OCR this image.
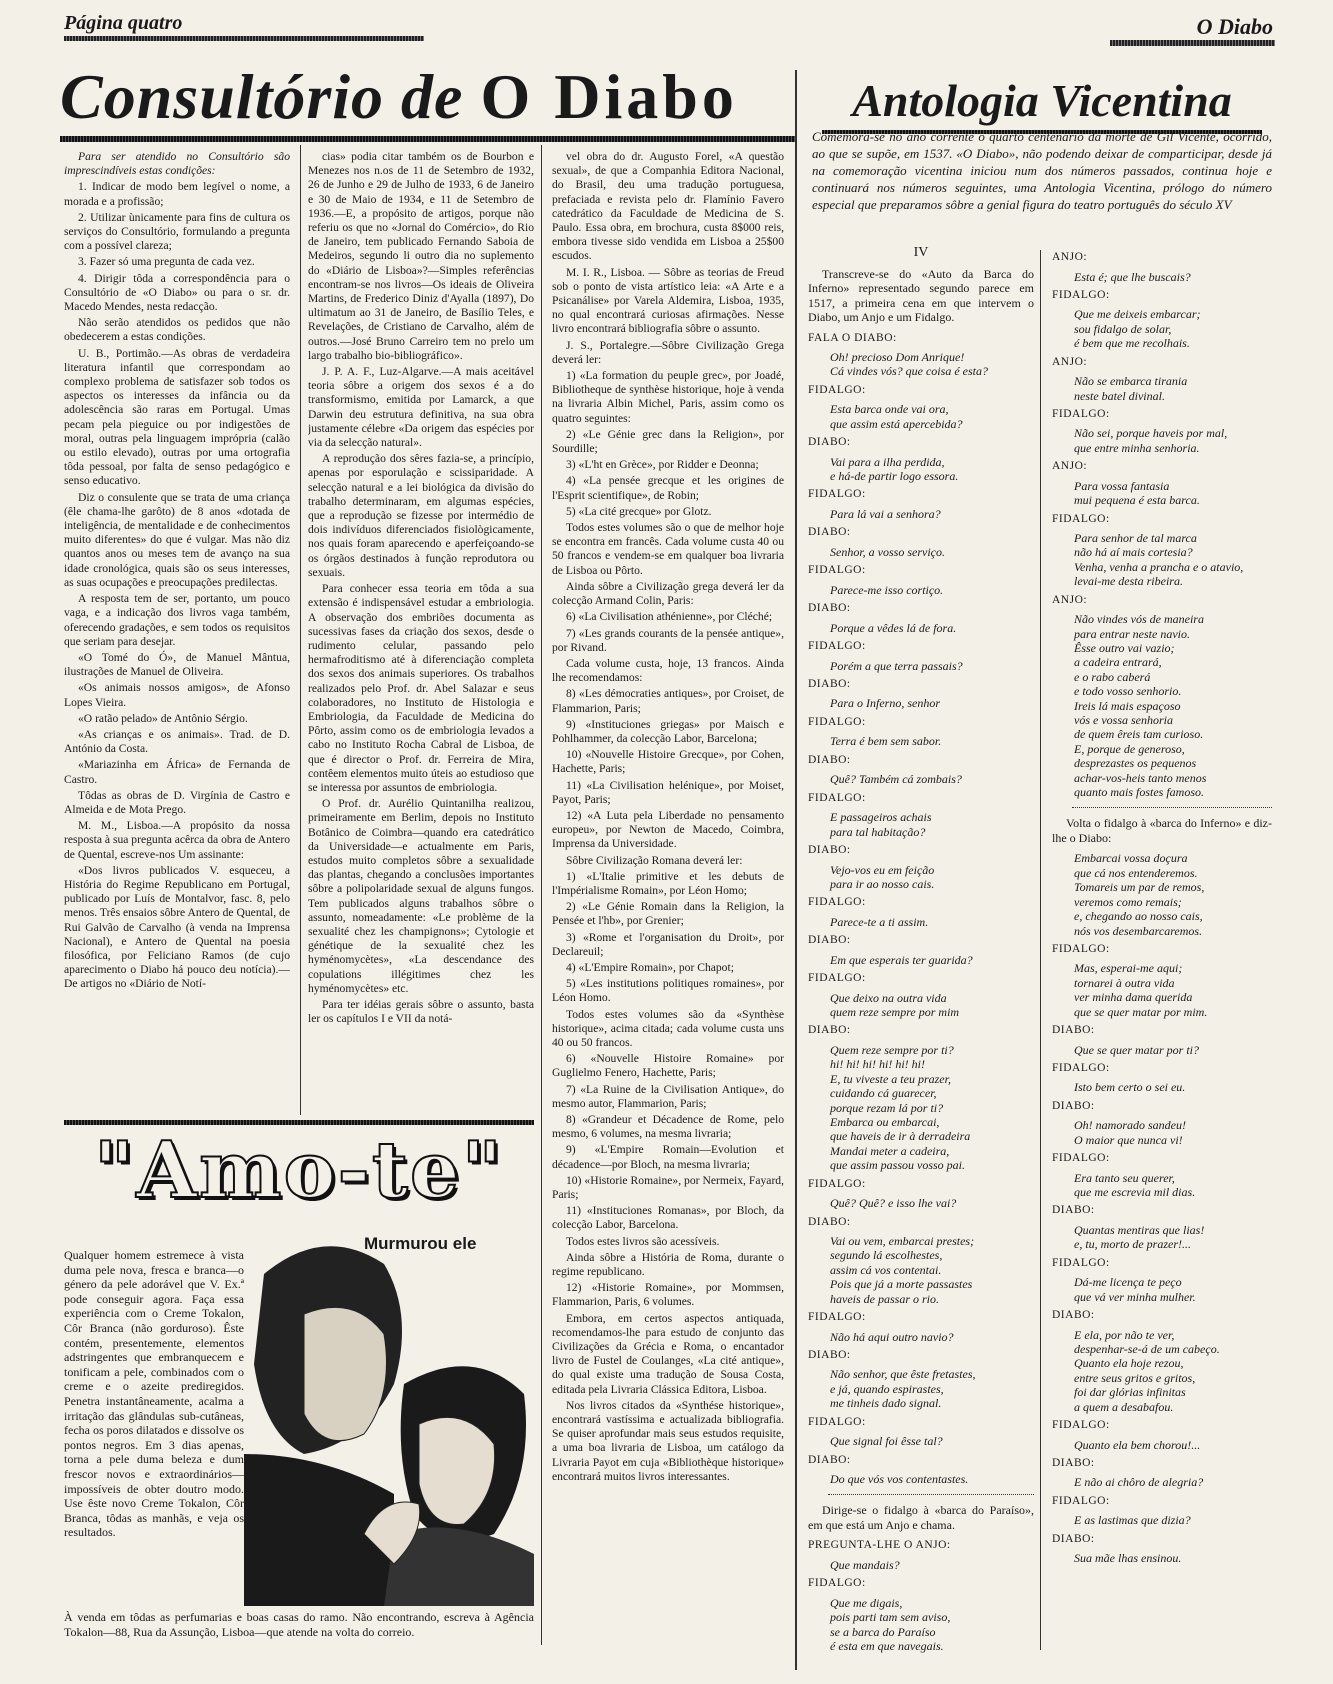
Página quatro	O Diabo
Consultório de O Diabo

Para ser atendido no Consultório são imprescindíveis estas condições:

1. Indicar de modo bem legível o nome, a morada e a profissão;

2. Utilizar ùnicamente para fins de cultura os serviços do Consultório, formulando a pregunta com a possível clareza;

3. Fazer só uma pregunta de cada vez.

4. Dirigir tôda a correspondência para o Consultório de «O Diabo» ou para o sr. dr. Macedo Mendes, nesta redacção.

Não serão atendidos os pedidos que não obedecerem a estas condições.

U. B., Portimão.—As obras de verdadeira literatura infantil que correspondam ao complexo problema de satisfazer sob todos os aspectos os interesses da infância ou da adolescência são raras em Portugal. Umas pecam pela pieguice ou por indigestões de moral, outras pela linguagem imprópria (calão ou estilo elevado), outras por uma ortografia tôda pessoal, por falta de senso pedagógico e senso educativo.

Diz o consulente que se trata de uma criança (êle chama-lhe garôto) de 8 anos «dotada de inteligência, de mentalidade e de conhecimentos muito diferentes» do que é vulgar. Mas não diz quantos anos ou meses tem de avanço na sua idade cronológica, quais são os seus interesses, as suas ocupações e preocupações predilectas.

A resposta tem de ser, portanto, um pouco vaga, e a indicação dos livros vaga também, oferecendo gradações, e sem todos os requisitos que seriam para desejar.

«O Tomé do Ó», de Manuel Mântua, ilustrações de Manuel de Oliveira.

«Os animais nossos amigos», de Afonso Lopes Vieira.

«O ratão pelado» de Antônio Sérgio.

«As crianças e os animais». Trad. de D. António da Costa.

«Mariazinha em África» de Fernanda de Castro.

Tôdas as obras de D. Virgínia de Castro e Almeida e de Mota Prego.

M. M., Lisboa.—A propósito da nossa resposta à sua pregunta acêrca da obra de Antero de Quental, escreve-nos Um assinante:

«Dos livros publicados V. esqueceu, a História do Regime Republicano em Portugal, publicado por Luís de Montalvor, fasc. 8, pelo menos. Três ensaios sôbre Antero de Quental, de Rui Galvão de Carvalho (à venda na Imprensa Nacional), e Antero de Quental na poesia filosófica, por Feliciano Ramos (de cujo aparecimento o Diabo há pouco deu notícia).—De artigos no «Diário de Notí-

cias» podia citar também os de Bourbon e Menezes nos n.os de 11 de Setembro de 1932, 26 de Junho e 29 de Julho de 1933, 6 de Janeiro e 30 de Maio de 1934, e 11 de Setembro de 1936.—E, a propósito de artigos, porque não referiu os que no «Jornal do Comércio», do Rio de Janeiro, tem publicado Fernando Saboia de Medeiros, segundo li outro dia no suplemento do «Diário de Lisboa»?—Simples referências encontram-se nos livros—Os ideais de Oliveira Martins, de Frederico Diniz d'Ayalla (1897), Do ultimatum ao 31 de Janeiro, de Basílio Teles, e Revelações, de Cristiano de Carvalho, além de outros.—José Bruno Carreiro tem no prelo um largo trabalho bio-bibliográfico».

J. P. A. F., Luz-Algarve.—A mais aceitável teoria sôbre a origem dos sexos é a do transformismo, emitida por Lamarck, a que Darwin deu estrutura definitiva, na sua obra justamente célebre «Da origem das espécies por via da selecção natural».

A reprodução dos sêres fazia-se, a princípio, apenas por esporulação e scissiparidade. A selecção natural e a lei biológica da divisão do trabalho determinaram, em algumas espécies, que a reprodução se fizesse por intermédio de dois indivíduos diferenciados fisiològicamente, nos quais foram aparecendo e aperfeiçoando-se os órgãos destinados à função reprodutora ou sexuais.

Para conhecer essa teoria em tôda a sua extensão é indispensável estudar a embriologia. A observação dos embriões documenta as sucessivas fases da criação dos sexos, desde o rudimento celular, passando pelo hermafroditismo até à diferenciação completa dos sexos dos animais superiores. Os trabalhos realizados pelo Prof. dr. Abel Salazar e seus colaboradores, no Instituto de Histologia e Embriologia, da Faculdade de Medicina do Pôrto, assim como os de embriologia levados a cabo no Instituto Rocha Cabral de Lisboa, de que é director o Prof. dr. Ferreira de Mira, contêem elementos muito úteis ao estudioso que se interessa por assuntos de embriologia.

O Prof. dr. Aurélio Quintanilha realizou, primeiramente em Berlim, depois no Instituto Botânico de Coimbra—quando era catedrático da Universidade—e actualmente em Paris, estudos muito completos sôbre a sexualidade das plantas, chegando a conclusões importantes sôbre a polipolaridade sexual de alguns fungos. Tem publicados alguns trabalhos sôbre o assunto, nomeadamente: «Le problème de la sexualité chez les champignons»; Cytologie et génétique de la sexualité chez les hyménomycètes», «La descendance des copulations illégitimes chez les hyménomycètes» etc.

Para ter idéias gerais sôbre o assunto, basta ler os capítulos I e VII da notá-

vel obra do dr. Augusto Forel, «A questão sexual», de que a Companhia Editora Nacional, do Brasil, deu uma tradução portuguesa, prefaciada e revista pelo dr. Flamínio Favero catedrático da Faculdade de Medicina de S. Paulo. Essa obra, em brochura, custa 8$000 reis, embora tivesse sido vendida em Lisboa a 25$00 escudos.

M. I. R., Lisboa. — Sôbre as teorias de Freud sob o ponto de vista artístico leia: «A Arte e a Psicanálise» por Varela Aldemira, Lisboa, 1935, no qual encontrará curiosas afirmações. Nesse livro encontrará bibliografia sôbre o assunto.

J. S., Portalegre.—Sôbre Civilização Grega deverá ler:

1) «La formation du peuple grec», por Joadé, Bibliotheque de synthèse historique, hoje à venda na livraria Albin Michel, Paris, assim como os quatro seguintes:

2) «Le Génie grec dans la Religion», por Sourdille;

3) «L'ht en Grèce», por Ridder e Deonna;

4) «La pensée grecque et les origines de l'Esprit scientifique», de Robin;

5) «La cité grecque» por Glotz.

Todos estes volumes são o que de melhor hoje se encontra em francês. Cada volume custa 40 ou 50 francos e vendem-se em qualquer boa livraria de Lisboa ou Pôrto.

Ainda sôbre a Civilização grega deverá ler da colecção Armand Colin, Paris:

6) «La Civilisation athénienne», por Cléché;

7) «Les grands courants de la pensée antique», por Rivand.

Cada volume custa, hoje, 13 francos. Ainda lhe recomendamos:

8) «Les démocraties antiques», por Croiset, de Flammarion, Paris;

9) «Instituciones griegas» por Maisch e Pohlhammer, da colecção Labor, Barcelona;

10) «Nouvelle Histoire Grecque», por Cohen, Hachette, Paris;

11) «La Civilisation helénique», por Moiset, Payot, Paris;

12) «A Luta pela Liberdade no pensamento europeu», por Newton de Macedo, Coimbra, Imprensa da Universidade.

Sôbre Civilização Romana deverá ler:

1) «L'Italie primitive et les debuts de l'Impérialisme Romain», por Léon Homo;

2) «Le Génie Romain dans la Religion, la Pensée et l'hb», por Grenier;

3) «Rome et l'organisation du Droit», por Declareuil;

4) «L'Empire Romain», por Chapot;

5) «Les institutions politiques romaines», por Léon Homo.

Todos estes volumes são da «Synthèse historique», acima citada; cada volume custa uns 40 ou 50 francos.

6) «Nouvelle Histoire Romaine» por Guglielmo Fenero, Hachette, Paris;

7) «La Ruine de la Civilisation Antique», do mesmo autor, Flammarion, Paris;

8) «Grandeur et Décadence de Rome, pelo mesmo, 6 volumes, na mesma livraria;

9) «L'Empire Romain—Evolution et décadence—por Bloch, na mesma livraria;

10) «Historie Romaine», por Nermeix, Fayard, Paris;

11) «Instituciones Romanas», por Bloch, da colecção Labor, Barcelona.

Todos estes livros são acessíveis.

Ainda sôbre a História de Roma, durante o regime republicano.

12) «Historie Romaine», por Mommsen, Flammarion, Paris, 6 volumes.

Embora, em certos aspectos antiquada, recomendamos-lhe para estudo de conjunto das Civilizações da Grécia e Roma, o encantador livro de Fustel de Coulanges, «La cité antique», do qual existe uma tradução de Sousa Costa, editada pela Livraria Clássica Editora, Lisboa.

Nos livros citados da «Synthése historique», encontrará vastíssima e actualizada bibliografia. Se quiser aprofundar mais seus estudos requisite, a uma boa livraria de Lisboa, um catálogo da Livraria Payot em cuja «Bibliothèque historique» encontrará muitos livros interessantes.

"Amo-te"
Qualquer homem estremece à vista duma pele nova, fresca e branca—o género da pele adorável que V. Ex.ª pode conseguir agora. Faça essa experiência com o Creme Tokalon, Côr Branca (não gorduroso). Êste contém, presentemente, elementos adstringentes que embranquecem e tonificam a pele, combinados com o creme e o azeite prediregidos. Penetra instantâneamente, acalma a irritação das glândulas sub-cutâneas, fecha os poros dilatados e dissolve os pontos negros. Em 3 dias apenas, torna a pele duma beleza e dum frescor novos e extraordinários—impossíveis de obter doutro modo. Use êste novo Creme Tokalon, Côr Branca, tôdas as manhãs, e veja os resultados.
Murmurou ele
À venda em tôdas as perfumarias e boas casas do ramo. Não encontrando, escreva à Agência Tokalon—88, Rua da Assunção, Lisboa—que atende na volta do correio.
Antologia Vicentina
Comemora-se no ano corrente o quarto centenário da morte de Gil Vicente, ocorrido, ao que se supõe, em 1537. «O Diabo», não podendo deixar de comparticipar, desde já na comemoração vicentina iniciou num dos números passados, continua hoje e continuará nos números seguintes, uma Antologia Vicentina, prólogo do número especial que preparamos sôbre a genial figura do teatro português do século XV
IV
Transcreve-se do «Auto da Barca do Inferno» representado segundo parece em 1517, a primeira cena em que intervem o Diabo, um Anjo e um Fidalgo.
FALA O DIABO:
Oh! precioso Dom Anrique!
Cá vindes vós? que coisa é esta?
FIDALGO:
Esta barca onde vai ora,
que assim está apercebida?
DIABO:
Vai para a ilha perdida,
e há-de partir logo essora.
FIDALGO:
Para lá vai a senhora?
DIABO:
Senhor, a vosso serviço.
FIDALGO:
Parece-me isso cortiço.
DIABO:
Porque a vêdes lá de fora.
FIDALGO:
Porém a que terra passais?
DIABO:
Para o Inferno, senhor
FIDALGO:
Terra é bem sem sabor.
DIABO:
Quê? Também cá zombais?
FIDALGO:
E passageiros achais
para tal habitação?
DIABO:
Vejo-vos eu em feição
para ir ao nosso cais.
FIDALGO:
Parece-te a ti assim.
DIABO:
Em que esperais ter guarida?
FIDALGO:
Que deixo na outra vida
quem reze sempre por mim
DIABO:
Quem reze sempre por ti?
hi! hi! hi! hi! hi! hi!
E, tu viveste a teu prazer,
cuidando cá guarecer,
porque rezam lá por ti?
Embarca ou embarcai,
que haveis de ir à derradeira
Mandai meter a cadeira,
que assim passou vosso pai.
FIDALGO:
Quê? Quê? e isso lhe vai?
DIABO:
Vai ou vem, embarcai prestes;
segundo lá escolhestes,
assim cá vos contentai.
Pois que já a morte passastes
haveis de passar o rio.
FIDALGO:
Não há aqui outro navio?
DIABO:
Não senhor, que êste fretastes,
e já, quando espirastes,
me tinheis dado signal.
FIDALGO:
Que signal foi êsse tal?
DIABO:
Do que vós vos contentastes.
Dirige-se o fidalgo à «barca do Paraíso», em que está um Anjo e chama.
PREGUNTA-LHE O ANJO:
Que mandais?
FIDALGO:
Que me digais,
pois parti tam sem aviso,
se a barca do Paraíso
é esta em que navegais.
ANJO:
Esta é; que lhe buscais?
FIDALGO:
Que me deixeis embarcar;
sou fidalgo de solar,
é bem que me recolhais.
ANJO:
Não se embarca tirania
neste batel divinal.
FIDALGO:
Não sei, porque haveis por mal,
que entre minha senhoria.
ANJO:
Para vossa fantasia
mui pequena é esta barca.
FIDALGO:
Para senhor de tal marca
não há aí mais cortesia?
Venha, venha a prancha e o atavio,
levai-me desta ribeira.
ANJO:
Não vindes vós de maneira
para entrar neste navio.
Êsse outro vai vazio;
a cadeira entrará,
e o rabo caberá
e todo vosso senhorio.
Ireis lá mais espaçoso
vós e vossa senhoria
de quem êreis tam curioso.
E, porque de generoso,
desprezastes os pequenos
achar-vos-heis tanto menos
quanto mais fostes famoso.
Volta o fidalgo à «barca do Inferno» e diz-lhe o Diabo:
Embarcai vossa doçura
que cá nos entenderemos.
Tomareis um par de remos,
veremos como remais;
e, chegando ao nosso cais,
nós vos desembarcaremos.
FIDALGO:
Mas, esperai-me aqui;
tornarei à outra vida
ver minha dama querida
que se quer matar por mim.
DIABO:
Que se quer matar por ti?
FIDALGO:
Isto bem certo o sei eu.
DIABO:
Oh! namorado sandeu!
O maior que nunca vi!
FIDALGO:
Era tanto seu querer,
que me escrevia mil dias.
DIABO:
Quantas mentiras que lias!
e, tu, morto de prazer!...
FIDALGO:
Dá-me licença te peço
que vá ver minha mulher.
DIABO:
E ela, por não te ver,
despenhar-se-á de um cabeço.
Quanto ela hoje rezou,
entre seus gritos e gritos,
foi dar glórias infinitas
a quem a desabafou.
FIDALGO:
Quanto ela bem chorou!...
DIABO:
E não ai chôro de alegria?
FIDALGO:
E as lastimas que dizia?
DIABO:
Sua mãe lhas ensinou.
